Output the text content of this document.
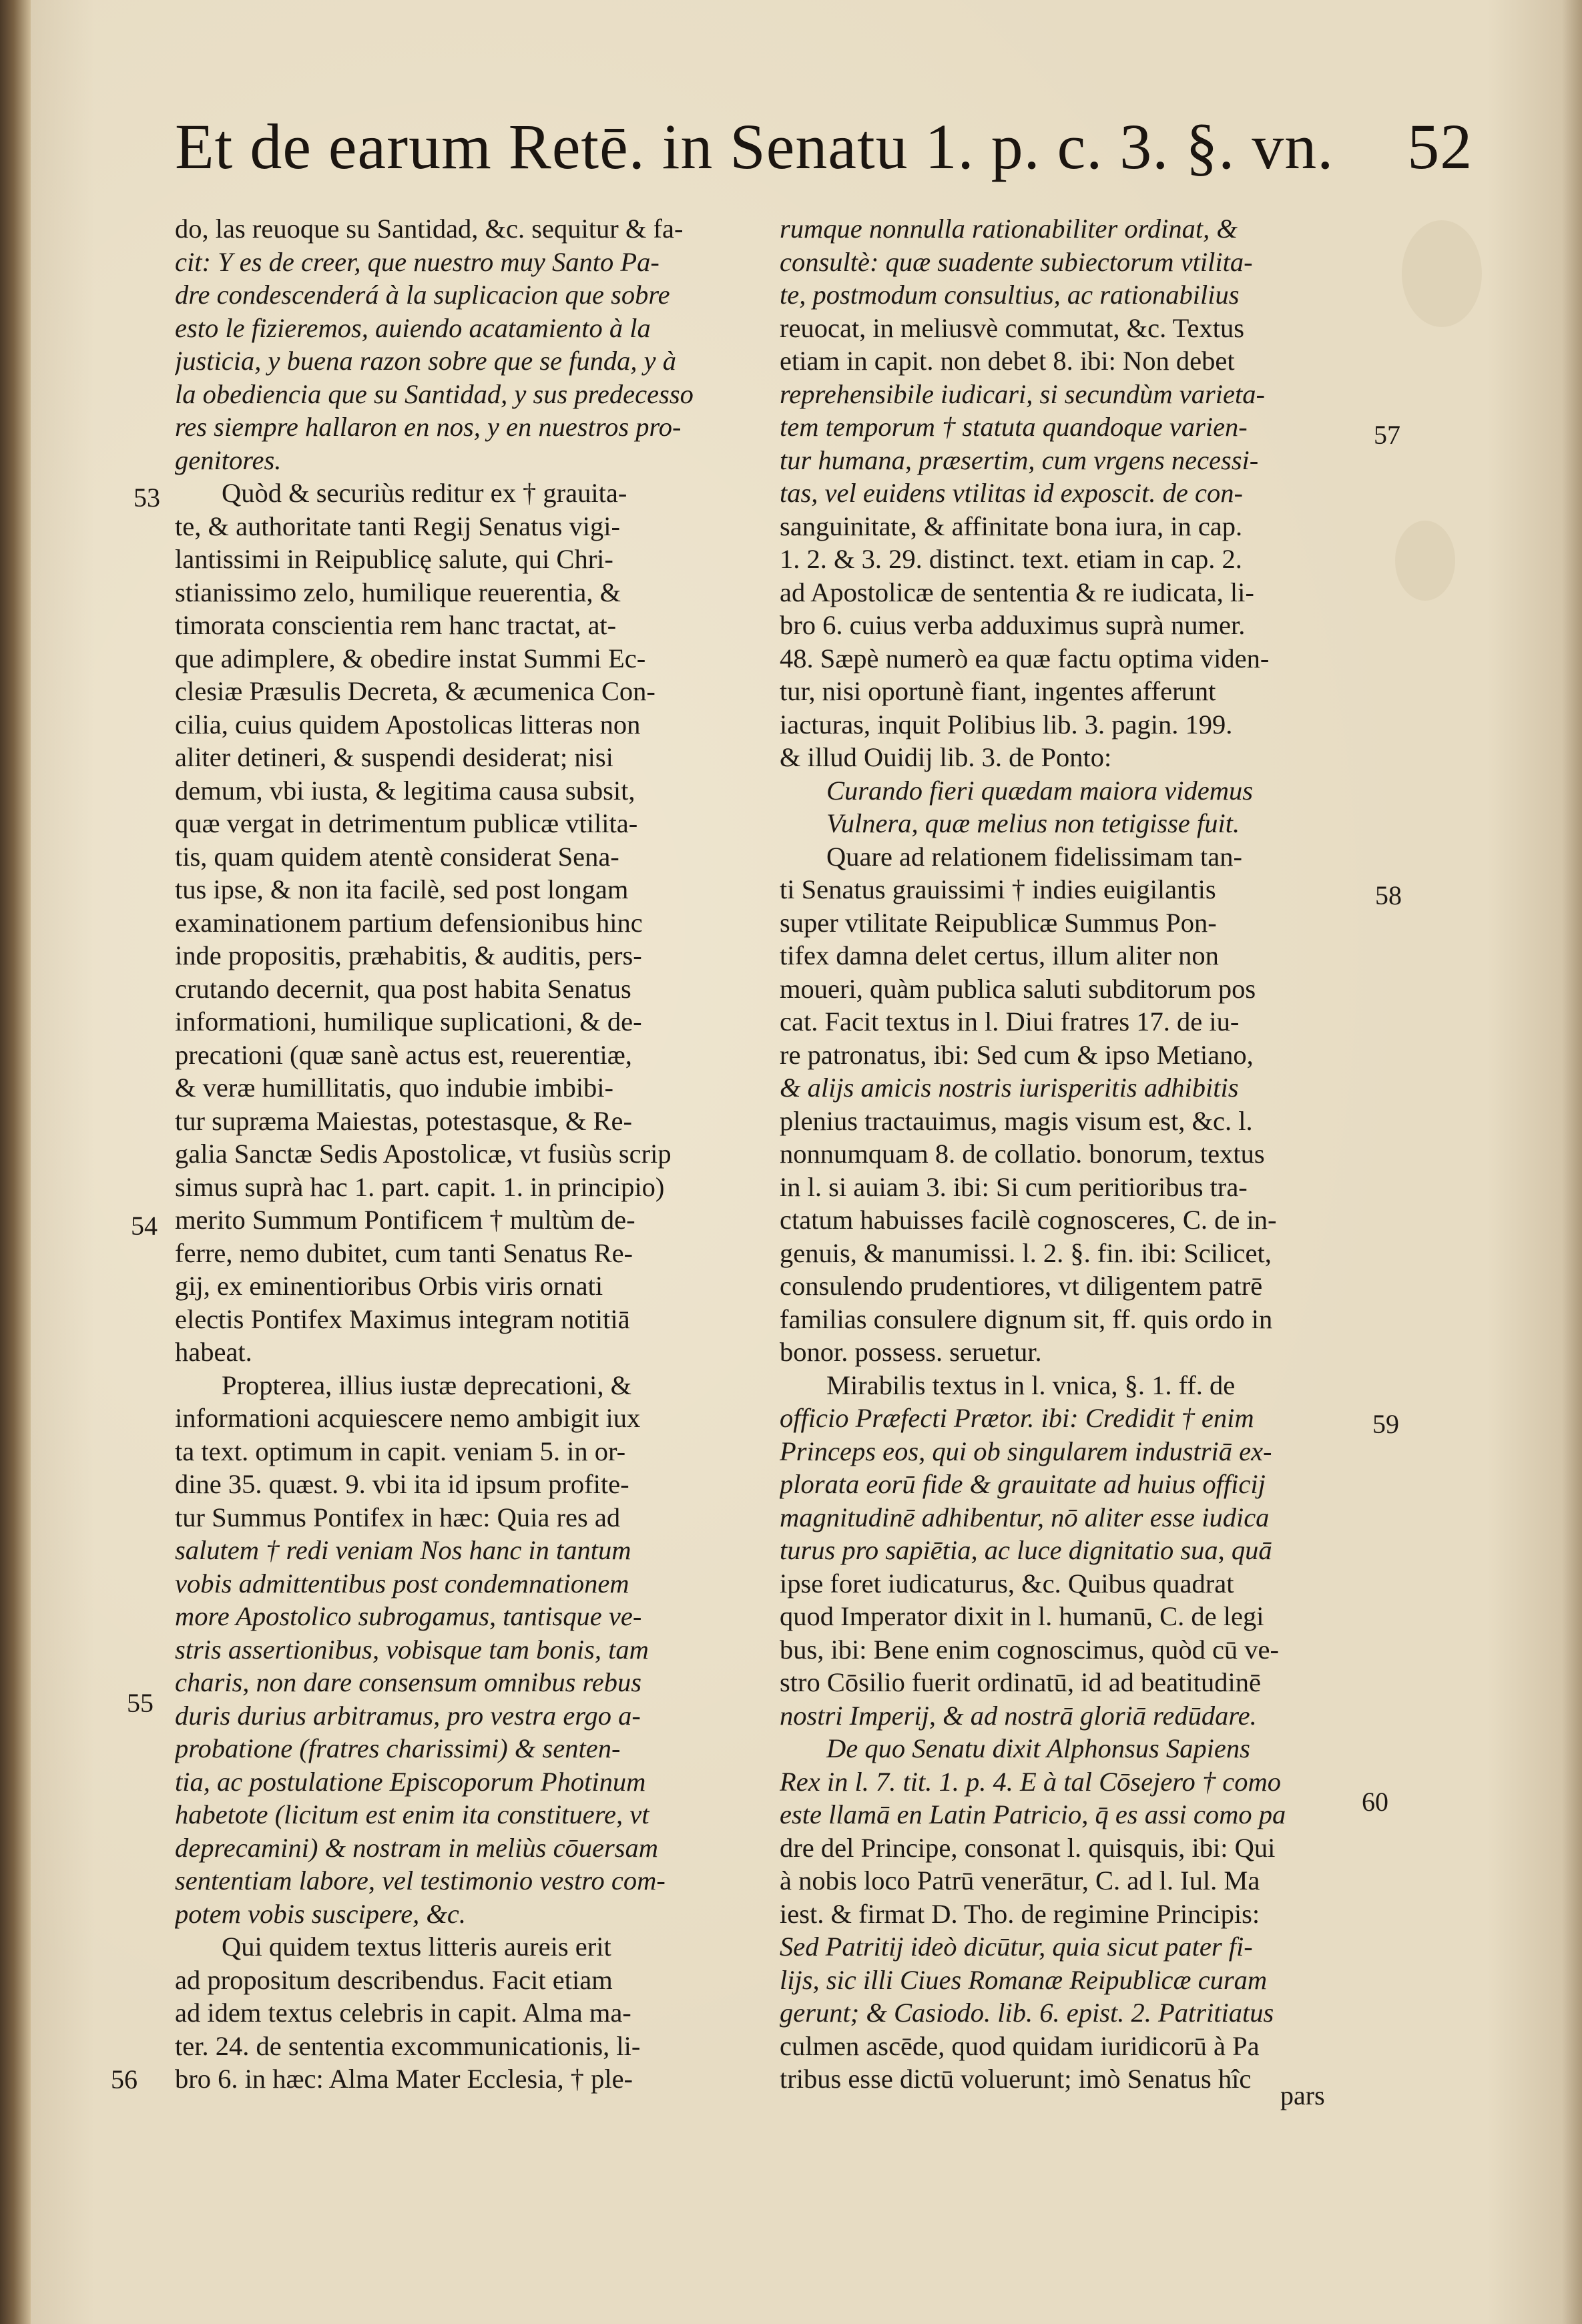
Et de earum Retē. in Senatu 1. p. c. 3. §. vn. 52
do, las reuoque su Santidad, &c. sequitur & fa-
cit: Y es de creer, que nuestro muy Santo Pa-
dre condescenderá à la suplicacion que sobre
esto le fizieremos, auiendo acatamiento à la
justicia, y buena razon sobre que se funda, y à
la obediencia que su Santidad, y sus predecesso
res siempre hallaron en nos, y en nuestros pro-
genitores.
Quòd & securiùs reditur ex † grauita-
te, & authoritate tanti Regij Senatus vigi-
lantissimi in Reipublicę salute, qui Chri-
stianissimo zelo, humilique reuerentia, &
timorata conscientia rem hanc tractat, at-
que adimplere, & obedire instat Summi Ec-
clesiæ Præsulis Decreta, & æcumenica Con-
cilia, cuius quidem Apostolicas litteras non
aliter detineri, & suspendi desiderat; nisi
demum, vbi iusta, & legitima causa subsit,
quæ vergat in detrimentum publicæ vtilita-
tis, quam quidem atentè considerat Sena-
tus ipse, & non ita facilè, sed post longam
examinationem partium defensionibus hinc
inde propositis, præhabitis, & auditis, pers-
crutando decernit, qua post habita Senatus
informationi, humilique suplicationi, & de-
precationi (quæ sanè actus est, reuerentiæ,
& veræ humillitatis, quo indubie imbibi-
tur supræma Maiestas, potestasque, & Re-
galia Sanctæ Sedis Apostolicæ, vt fusiùs scrip
simus suprà hac 1. part. capit. 1. in principio)
merito Summum Pontificem † multùm de-
ferre, nemo dubitet, cum tanti Senatus Re-
gij, ex eminentioribus Orbis viris ornati
electis Pontifex Maximus integram notitiā
habeat.
Propterea, illius iustæ deprecationi, &
informationi acquiescere nemo ambigit iux
ta text. optimum in capit. veniam 5. in or-
dine 35. quæst. 9. vbi ita id ipsum profite-
tur Summus Pontifex in hæc: Quia res ad
salutem † redi veniam Nos hanc in tantum
vobis admittentibus post condemnationem
more Apostolico subrogamus, tantisque ve-
stris assertionibus, vobisque tam bonis, tam
charis, non dare consensum omnibus rebus
duris durius arbitramus, pro vestra ergo a-
probatione (fratres charissimi) & senten-
tia, ac postulatione Episcoporum Photinum
habetote (licitum est enim ita constituere, vt
deprecamini) & nostram in meliùs cōuersam
sententiam labore, vel testimonio vestro com-
potem vobis suscipere, &c.
Qui quidem textus litteris aureis erit
ad propositum describendus. Facit etiam
ad idem textus celebris in capit. Alma ma-
ter. 24. de sententia excommunicationis, li-
bro 6. in hæc: Alma Mater Ecclesia, † ple-
rumque nonnulla rationabiliter ordinat, &
consultè: quæ suadente subiectorum vtilita-
te, postmodum consultius, ac rationabilius
reuocat, in meliusvè commutat, &c. Textus
etiam in capit. non debet 8. ibi: Non debet
reprehensibile iudicari, si secundùm varieta-
tem temporum † statuta quandoque varien-
tur humana, præsertim, cum vrgens necessi-
tas, vel euidens vtilitas id exposcit. de con-
sanguinitate, & affinitate bona iura, in cap.
1. 2. & 3. 29. distinct. text. etiam in cap. 2.
ad Apostolicæ de sententia & re iudicata, li-
bro 6. cuius verba adduximus suprà numer.
48. Sæpè numerò ea quæ factu optima viden-
tur, nisi oportunè fiant, ingentes afferunt
iacturas, inquit Polibius lib. 3. pagin. 199.
& illud Ouidij lib. 3. de Ponto:
Curando fieri quædam maiora videmus
Vulnera, quæ melius non tetigisse fuit.
Quare ad relationem fidelissimam tan-
ti Senatus grauissimi † indies euigilantis
super vtilitate Reipublicæ Summus Pon-
tifex damna delet certus, illum aliter non
moueri, quàm publica saluti subditorum pos
cat. Facit textus in l. Diui fratres 17. de iu-
re patronatus, ibi: Sed cum & ipso Metiano,
& alijs amicis nostris iurisperitis adhibitis
plenius tractauimus, magis visum est, &c. l.
nonnumquam 8. de collatio. bonorum, textus
in l. si auiam 3. ibi: Si cum peritioribus tra-
ctatum habuisses facilè cognosceres, C. de in-
genuis, & manumissi. l. 2. §. fin. ibi: Scilicet,
consulendo prudentiores, vt diligentem patrē
familias consulere dignum sit, ff. quis ordo in
bonor. possess. seruetur.
Mirabilis textus in l. vnica, §. 1. ff. de
officio Præfecti Prætor. ibi: Credidit † enim
Princeps eos, qui ob singularem industriā ex-
plorata eorū fide & grauitate ad huius officij
magnitudinē adhibentur, nō aliter esse iudica
turus pro sapiētia, ac luce dignitatio sua, quā
ipse foret iudicaturus, &c. Quibus quadrat
quod Imperator dixit in l. humanū, C. de legi
bus, ibi: Bene enim cognoscimus, quòd cū ve-
stro Cōsilio fuerit ordinatū, id ad beatitudinē
nostri Imperij, & ad nostrā gloriā redūdare.
De quo Senatu dixit Alphonsus Sapiens
Rex in l. 7. tit. 1. p. 4. E à tal Cōsejero † como
este llamā en Latin Patricio, q̄ es assi como pa
dre del Principe, consonat l. quisquis, ibi: Qui
à nobis loco Patrū venerātur, C. ad l. Iul. Ma
iest. & firmat D. Tho. de regimine Principis:
Sed Patritij ideò dicūtur, quia sicut pater fi-
lijs, sic illi Ciues Romanæ Reipublicæ curam
gerunt; & Casiodo. lib. 6. epist. 2. Patritiatus
culmen ascēde, quod quidam iuridicorū à Pa
tribus esse dictū voluerunt; imò Senatus hîc
53
54
55
56
57
58
59
60
pars
